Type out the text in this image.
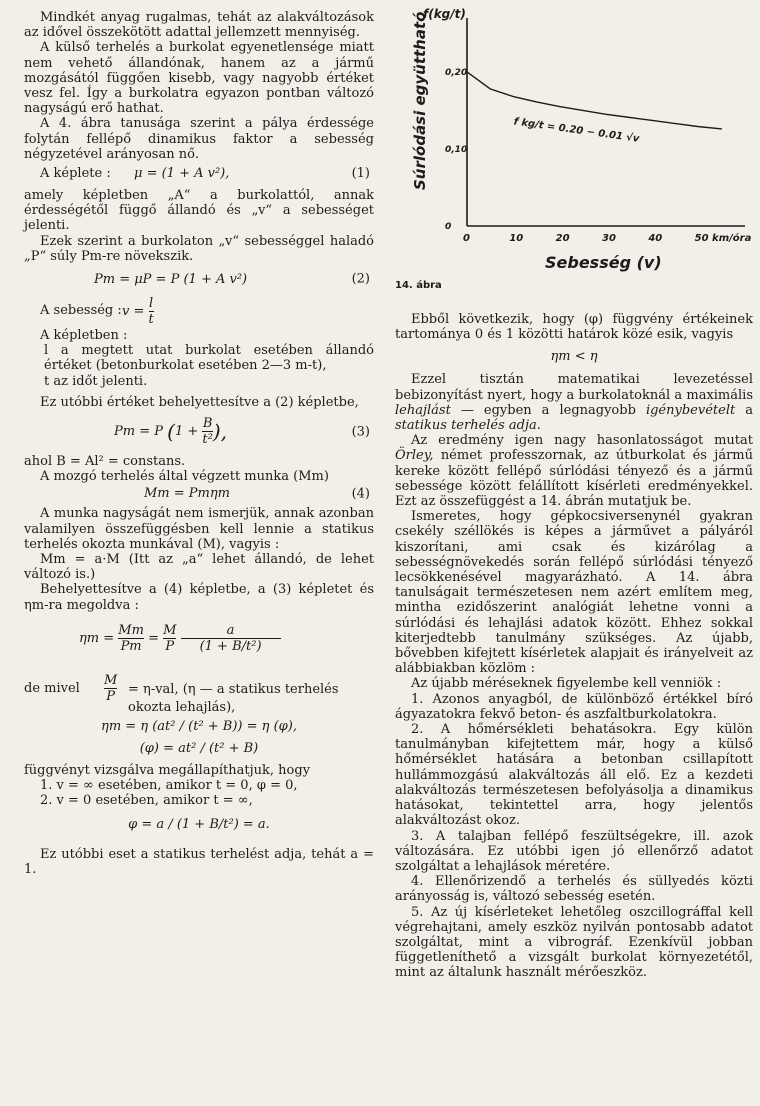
Mindkét anyag rugalmas, tehát az alakváltozások az idővel összekötött adattal jellemzett mennyiség.

A külső terhelés a burkolat egyenetlensége miatt nem vehető állandónak, hanem az a jármű mozgásától függően kisebb, vagy nagyobb értéket vesz fel. Így a burkolatra egyazon pontban változó nagyságú erő hathat.

A 4. ábra tanusága szerint a pálya érdessége folytán fellépő dinamikus faktor a sebesség négyzetével arányosan nő.

A képlete : μ = (1 + A v²),	(1)

amely képletben „A“ a burkolattól, annak érdességétől függő állandó és „v“ a sebességet jelenti.

Ezek szerint a burkolaton „v“ sebességgel haladó „P“ súly Pm-re növekszik.

Pm = μP = P (1 + A v²)	(2)
A sebesség : $v = \frac{l}{t}$

A képletben :

l a megtett utat burkolat esetében állandó értéket (betonburkolat esetében 2—3 m-t),

t az időt jelenti.

Ez utóbbi értéket behelyettesítve a (2) képletbe,

Pm = P ($1 + \frac{B}{\text{t²}}$ ),	(3)

ahol B = Al² = constans.

A mozgó terhelés által végzett munka (Mm)

Mm = Pmηm	(4)

A munka nagyságát nem ismerjük, annak azonban valamilyen összefüggésben kell lennie a statikus terhelés okozta munkával (M), vagyis :

Mm = a·M (Itt az „a“ lehet állandó, de lehet változó is.)

Behelyettesítve a (4) képletbe, a (3) képletet és ηm-ra megoldva :

$\eta m = \frac{Mm}{Pm} = \frac{M}{P}$
$\frac{a}{\text{(1 + B/t²)}}$
de mivel $\frac{M}{P} = \eta-val$, (η — a statikus terhelés okozta lehajlás),
ηm = η (at² / (t² + B)) = η (φ),
(φ) = at² / (t² + B)

függvényt vizsgálva megállapíthatjuk, hogy

1. v = ∞ esetében, amikor t = 0, φ = 0,

2. v = 0 esetében, amikor t = ∞,

φ = a / (1 + B/t²) = a.

Ez utóbbi eset a statikus terhelést adja, tehát a = 1.

0	10	20	30	40	50 km/óra
0
0,10
0,20
f kg/t = 0.20 − 0.01 √v
f(kg/t)
Súrlódási együttható
Sebesség (v)
14. ábra

Ebből következik, hogy (φ) függvény értékeinek tartománya 0 és 1 közötti határok közé esik, vagyis

ηm < η

Ezzel tisztán matematikai levezetéssel bebizonyítást nyert, hogy a burkolatoknál a maximális lehajlást — egyben a legnagyobb igénybevételt a statikus terhelés adja.

Az eredmény igen nagy hasonlatosságot mutat Örley, német professzornak, az útburkolat és jármű kereke között fellépő súrlódási tényező és a jármű sebessége között felállított kísérleti eredményekkel. Ezt az összefüggést a 14. ábrán mutatjuk be.

Ismeretes, hogy gépkocsiversenynél gyakran csekély széllökés is képes a járművet a pályáról kiszorítani, ami csak és kizárólag a sebességnövekedés során fellépő súrlódási tényező lecsökkenésével magyarázható. A 14. ábra tanulságait természetesen nem azért említem meg, mintha ezidőszerint analógiát lehetne vonni a súrlódási és lehajlási adatok között. Ehhez sokkal kiterjedtebb tanulmány szükséges. Az újabb, bővebben kifejtett kísérletek alapjait és irányelveit az alábbiakban közlöm :

Az újabb méréseknek figyelembe kell venniök :

1. Azonos anyagból, de különböző értékkel bíró ágyazatokra fekvő beton- és aszfaltburkolatokra.

2. A hőmérsékleti behatásokra. Egy külön tanulmányban kifejtettem már, hogy a külső hőmérséklet hatására a betonban csillapított hullámmozgású alakváltozás áll elő. Ez a kezdeti alakváltozás természetesen befolyásolja a dinamikus hatásokat, tekintettel arra, hogy jelentős alakváltozást okoz.

3. A talajban fellépő feszültségekre, ill. azok változására. Ez utóbbi igen jó ellenőrző adatot szolgáltat a lehajlások méretére.

4. Ellenőrizendő a terhelés és süllyedés közti arányosság is, változó sebesség esetén.

5. Az új kísérleteket lehetőleg oszcillográffal kell végrehajtani, amely eszköz nyilván pontosabb adatot szolgáltat, mint a vibrográf. Ezenkívül jobban függetleníthető a vizsgált burkolat környezetétől, mint az általunk használt mérőeszköz.
